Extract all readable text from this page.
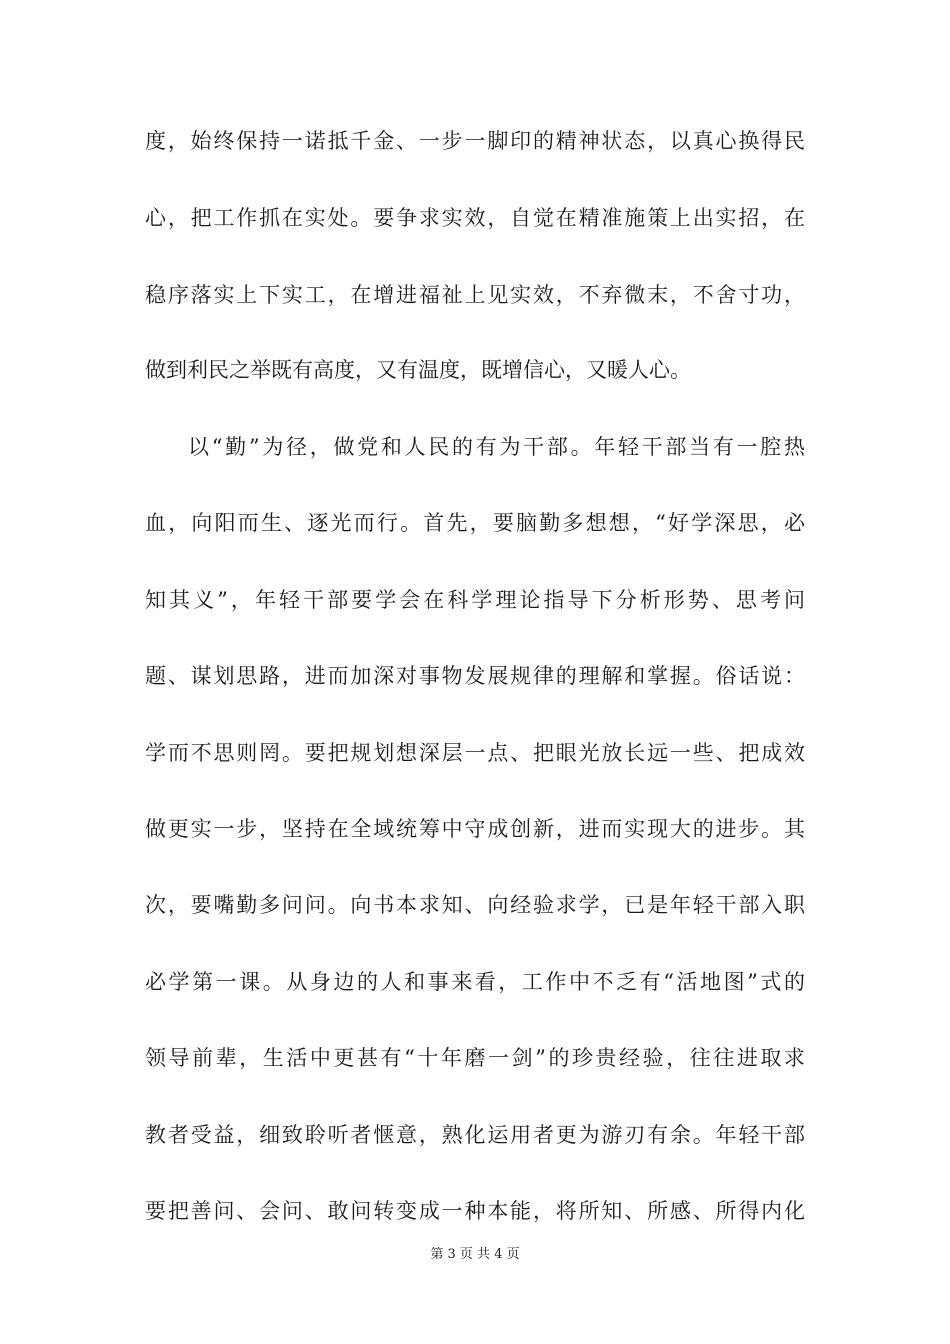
度，始终保持一诺抵千金、一步一脚印的精神状态，以真心换得民
心，把工作抓在实处。要争求实效，自觉在精准施策上出实招，在
稳序落实上下实工，在增进福祉上见实效，不弃微末，不舍寸功，
做到利民之举既有高度，又有温度，既增信心，又暖人心。
以“勤”为径，做党和人民的有为干部。年轻干部当有一腔热
血，向阳而生、逐光而行。首先，要脑勤多想想，“好学深思，必
知其义”，年轻干部要学会在科学理论指导下分析形势、思考问
题、谋划思路，进而加深对事物发展规律的理解和掌握。俗话说：
学而不思则罔。要把规划想深层一点、把眼光放长远一些、把成效
做更实一步，坚持在全域统筹中守成创新，进而实现大的进步。其
次，要嘴勤多问问。向书本求知、向经验求学，已是年轻干部入职
必学第一课。从身边的人和事来看，工作中不乏有“活地图”式的
领导前辈，生活中更甚有“十年磨一剑”的珍贵经验，往往进取求
教者受益，细致聆听者惬意，熟化运用者更为游刃有余。年轻干部
要把善问、会问、敢问转变成一种本能，将所知、所感、所得内化
第 3 页 共 4 页
